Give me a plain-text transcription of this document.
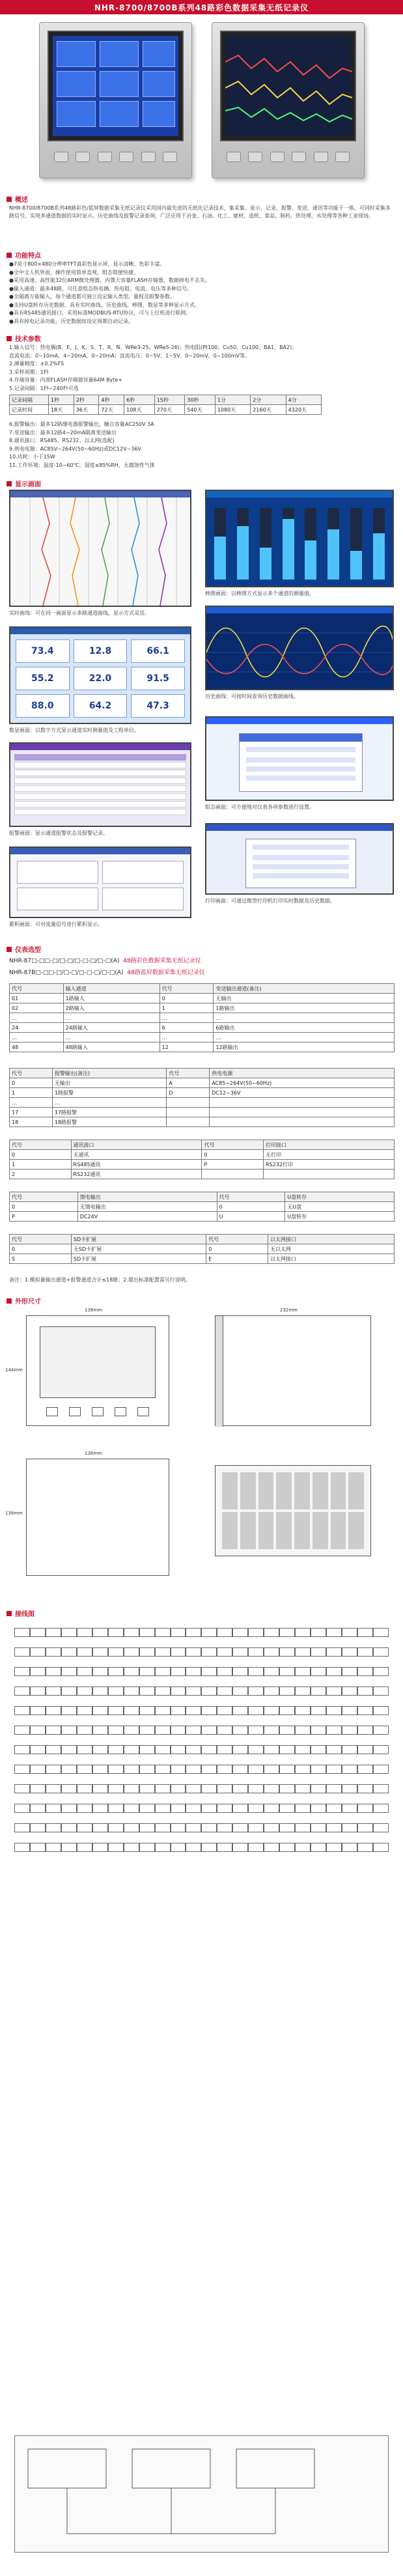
NHR-8700/8700B系列48路彩色数据采集无纸记录仪
概述

NHR-8700/8700B系列48路彩色/蓝屏数据采集无纸记录仪采用国内最先进的无纸化记录技术，集采集、显示、记录、报警、变送、通讯等功能于一体，可同时采集多路信号，实现多通道数据的实时显示、历史曲线及报警记录查询，广泛应用于冶金、石油、化工、建材、造纸、食品、制药、热处理、水处理等各种工业现场。

功能特点

●7英寸800×480分辨率TFT真彩色显示屏，显示清晰、色彩丰富。

●全中文人机界面，操作使用简单直观，组态简便快捷。

●采用高速、高性能32位ARM微处理器，内置大容量FLASH存储器，数据掉电不丢失。

●输入通道：最多48路，可任意组态热电偶、热电阻、电流、电压等多种信号。

●全隔离万能输入，每个通道都可独立设定输入类型、量程及报警参数。

●支持U盘转存历史数据，具有实时曲线、历史曲线、棒图、数显等多种显示方式。

●具有RS485通讯接口，采用标准MODBUS-RTU协议，可与上位机进行联网。

●具有掉电记录功能，历史数据按设定周期自动记录。

技术参数

1.输入信号：热电偶(B、E、J、K、S、T、R、N、WRe3-25、WRe5-26)；热电阻(Pt100、Cu50、Cu100、BA1、BA2)；

直流电流：0~10mA、4~20mA、0~20mA；直流电压：0~5V、1~5V、0~20mV、0~100mV等。

2.测量精度：±0.2%FS

3.采样周期：1秒

4.存储容量：内部FLASH存储器容量64M Byte+

5.记录间隔：1秒~240秒可选

记录间隔	1秒	2秒	4秒	6秒	15秒	30秒	1分	2分	4分
记录时间	18天	36天	72天	108天	270天	540天	1080天	2160天	4320天

6.报警输出：最多12路继电器报警输出，触点容量AC250V 3A

7.变送输出：最多12路4~20mA隔离变送输出

8.通讯接口：RS485、RS232、以太网(选配)

9.供电电源：AC85V~264V(50~60Hz)或DC12V~36V

10.功耗：小于15W

11.工作环境：温度-10~60℃，湿度≤85%RH，无腐蚀性气体

显示画面
实时曲线：可在同一画面显示多路通道曲线，显示方式灵活。
棒图画面：以棒图方式显示多个通道的测量值。
73.4	12.8	66.1
55.2	22.0	91.5
88.0	64.2	47.3
数显画面：以数字方式显示通道实时测量值及工程单位。
历史曲线：可按时间查询历史数据曲线。
报警画面：显示通道报警状态及报警记录。
组态画面：可方便地对仪表各项参数进行设置。
累积画面：可对流量信号进行累积显示。
打印画面：可通过微型打印机打印实时数据及历史数据。
仪表选型
NHR-87□-□□-□/□-□/□-□-□/□-□(A) 48路彩色数据采集无纸记录仪
NHR-87B□-□□-□/□-□/□-□-□/□-□(A) 48路蓝屏数据采集无纸记录仪
代号	输入通道	代号	变送输出通道(备注)
01	1路输入	0	无输出
02	2路输入	1	1路输出
…	…	…	…
24	24路输入	6	6路输出
…	…	…	…
48	48路输入	12	12路输出
代号	报警输出(备注)	代号	供电电源
0	无输出	A	AC85~264V(50~60Hz)
1	1路报警	D	DC12~36V
…	…		
17	17路报警		
18	18路报警		
代号	通讯接口	代号	打印接口
0	无通讯	0	无打印
1	RS485通讯	P	RS232打印
2	RS232通讯		
代号	馈电输出	代号	U盘转存
0	无馈电输出	0	无U盘
P	DC24V	U	U盘转存
代号	SD卡扩展	代号	以太网接口
0	无SD卡扩展	0	无以太网
S	SD卡扩展	E	以太网接口
备注：1.模拟量输出通道+报警通道合计≤18路；2.超出标准配置需另行说明。
外形尺寸
138mm
144mm
232mm
138mm
138mm
接线图
